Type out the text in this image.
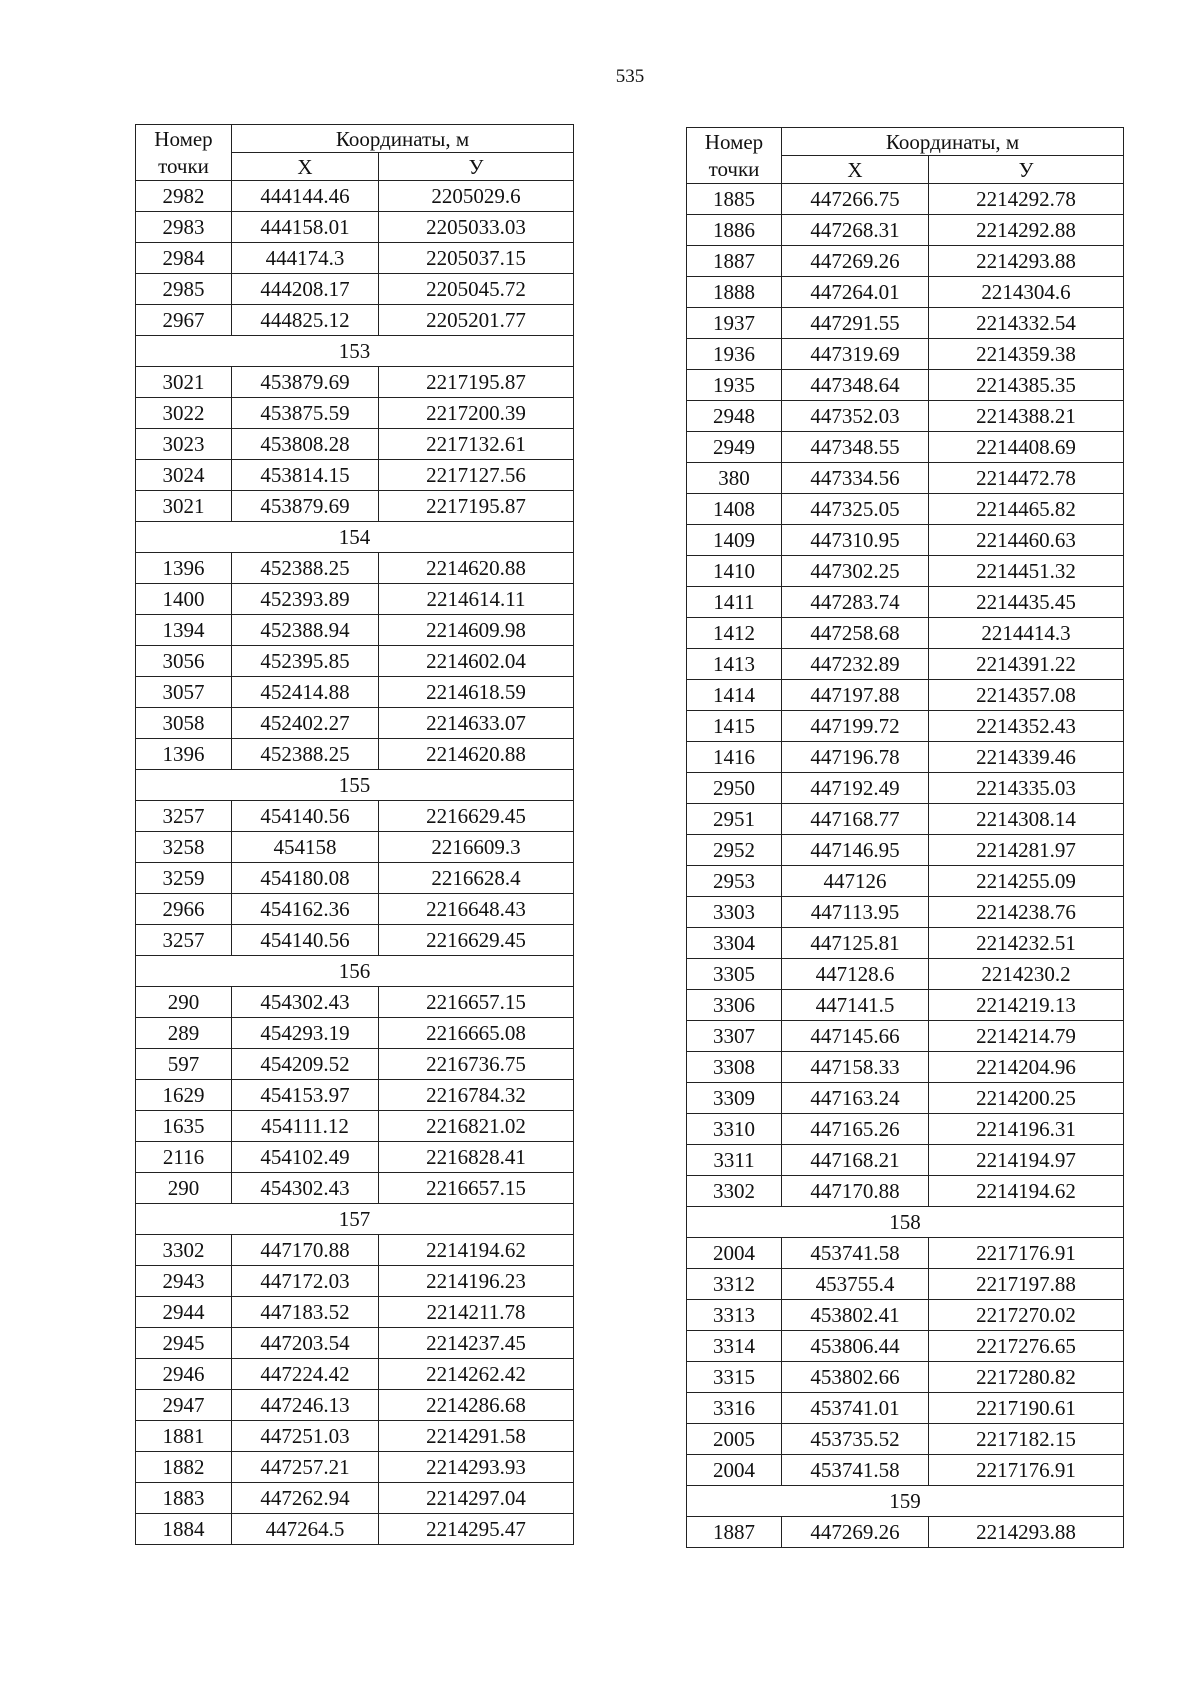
535
Номер точки	Координаты, м	
	X	У
2982	444144.46	2205029.6
2983	444158.01	2205033.03
2984	444174.3	2205037.15
2985	444208.17	2205045.72
2967	444825.12	2205201.77
153		
3021	453879.69	2217195.87
3022	453875.59	2217200.39
3023	453808.28	2217132.61
3024	453814.15	2217127.56
3021	453879.69	2217195.87
154		
1396	452388.25	2214620.88
1400	452393.89	2214614.11
1394	452388.94	2214609.98
3056	452395.85	2214602.04
3057	452414.88	2214618.59
3058	452402.27	2214633.07
1396	452388.25	2214620.88
155		
3257	454140.56	2216629.45
3258	454158	2216609.3
3259	454180.08	2216628.4
2966	454162.36	2216648.43
3257	454140.56	2216629.45
156		
290	454302.43	2216657.15
289	454293.19	2216665.08
597	454209.52	2216736.75
1629	454153.97	2216784.32
1635	454111.12	2216821.02
2116	454102.49	2216828.41
290	454302.43	2216657.15
157		
3302	447170.88	2214194.62
2943	447172.03	2214196.23
2944	447183.52	2214211.78
2945	447203.54	2214237.45
2946	447224.42	2214262.42
2947	447246.13	2214286.68
1881	447251.03	2214291.58
1882	447257.21	2214293.93
1883	447262.94	2214297.04
1884	447264.5	2214295.47
Номер точки	Координаты, м	
	X	У
1885	447266.75	2214292.78
1886	447268.31	2214292.88
1887	447269.26	2214293.88
1888	447264.01	2214304.6
1937	447291.55	2214332.54
1936	447319.69	2214359.38
1935	447348.64	2214385.35
2948	447352.03	2214388.21
2949	447348.55	2214408.69
380	447334.56	2214472.78
1408	447325.05	2214465.82
1409	447310.95	2214460.63
1410	447302.25	2214451.32
1411	447283.74	2214435.45
1412	447258.68	2214414.3
1413	447232.89	2214391.22
1414	447197.88	2214357.08
1415	447199.72	2214352.43
1416	447196.78	2214339.46
2950	447192.49	2214335.03
2951	447168.77	2214308.14
2952	447146.95	2214281.97
2953	447126	2214255.09
3303	447113.95	2214238.76
3304	447125.81	2214232.51
3305	447128.6	2214230.2
3306	447141.5	2214219.13
3307	447145.66	2214214.79
3308	447158.33	2214204.96
3309	447163.24	2214200.25
3310	447165.26	2214196.31
3311	447168.21	2214194.97
3302	447170.88	2214194.62
158		
2004	453741.58	2217176.91
3312	453755.4	2217197.88
3313	453802.41	2217270.02
3314	453806.44	2217276.65
3315	453802.66	2217280.82
3316	453741.01	2217190.61
2005	453735.52	2217182.15
2004	453741.58	2217176.91
159		
1887	447269.26	2214293.88
